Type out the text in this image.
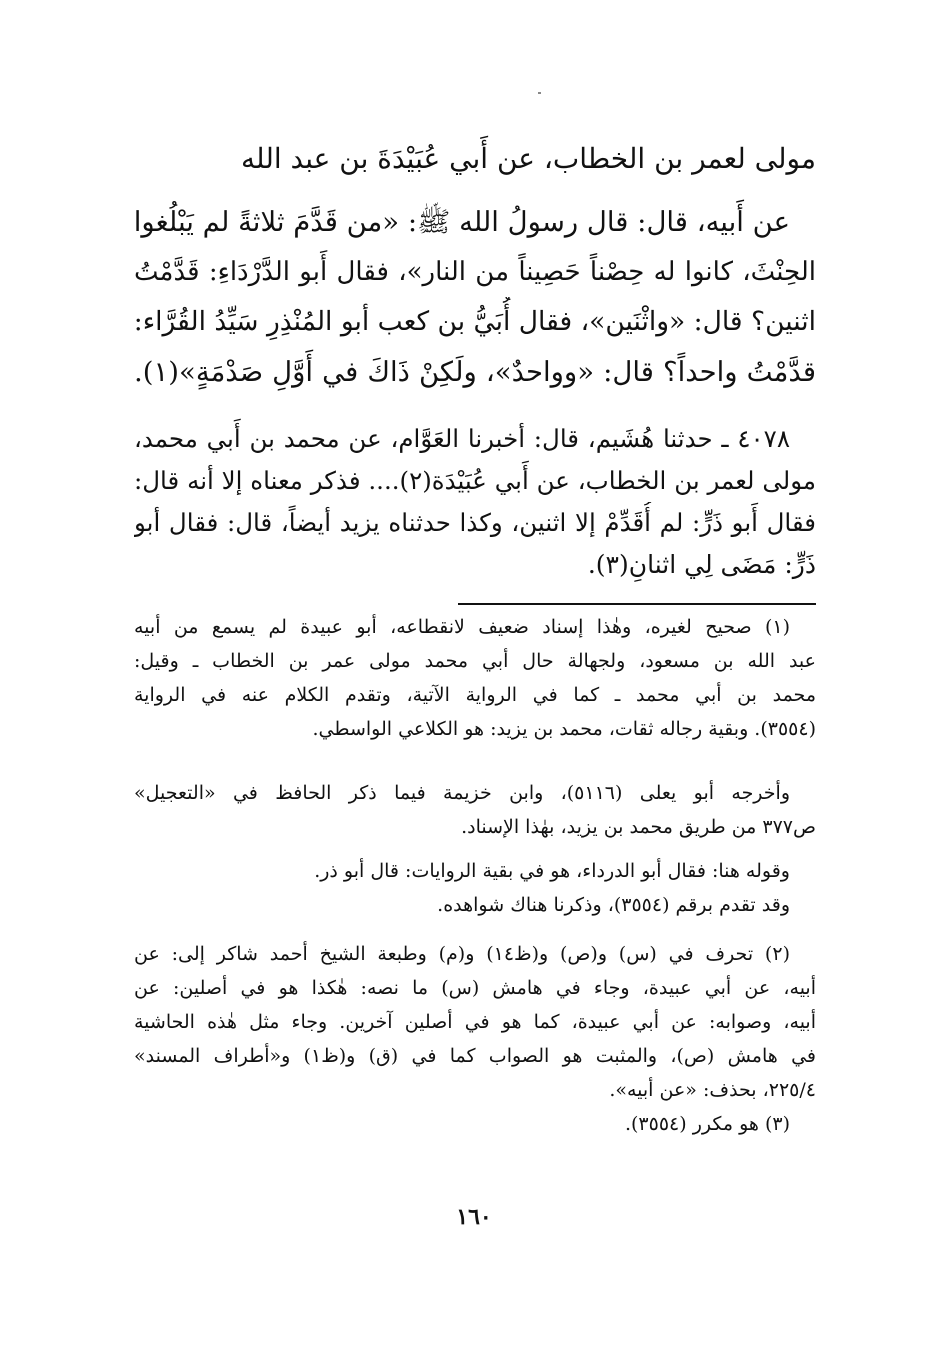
مولى لعمر بن الخطاب، عن أَبي عُبَيْدَةَ بن عبد الله
عن أَبيه، قال: قال رسولُ الله ﷺ: «من قَدَّمَ ثلاثةً لم يَبْلُغوا
الحِنْثَ، كانوا له حِصْناً حَصِيناً من النار»، فقال أَبو الدَّرْدَاءِ: قَدَّمْتُ
اثنين؟ قال: «واثْنَين»، فقال أُبَيُّ بن كعب أبو المُنْذِرِ سَيِّدُ القُرَّاء:
قدَّمْتُ واحداً؟ قال: «وواحدٌ»، ولَكِنْ ذَاكَ في أَوَّلِ صَدْمَةٍ»(١).
٤٠٧٨ ـ حدثنا هُشَيم، قال: أخبرنا العَوَّام، عن محمد بن أَبي محمد،
مولى لعمر بن الخطاب، عن أَبي عُبَيْدَة(٢).... فذكر معناه إلا أنه قال:
فقال أَبو ذَرٍّ: لم أُقَدِّمْ إلا اثنين، وكذا حدثناه يزيد أيضاً، قال: فقال أبو
ذَرٍّ: مَضَى لِي اثنانِ(٣).
(١) صحيح لغيره، وهٰذا إسناد ضعيف لانقطاعه، أبو عبيدة لم يسمع من أبيه
عبد الله بن مسعود، ولجهالة حال أبي محمد مولى عمر بن الخطاب ـ وقيل:
محمد بن أبي محمد ـ كما في الرواية الآتية، وتقدم الكلام عنه في الرواية
(٣٥٥٤). وبقية رجاله ثقات، محمد بن يزيد: هو الكلاعي الواسطي.
وأخرجه أبو يعلى (٥١١٦)، وابن خزيمة فيما ذكر الحافظ في «التعجيل»
ص٣٧٧ من طريق محمد بن يزيد، بهٰذا الإسناد.
وقوله هنا: فقال أبو الدرداء، هو في بقية الروايات: قال أبو ذر.
وقد تقدم برقم (٣٥٥٤)، وذكرنا هناك شواهده.
(٢) تحرف في (س) و(ص) و(ظ١٤) و(م) وطبعة الشيخ أحمد شاكر إلى: عن
أبيه، عن أبي عبيدة، وجاء في هامش (س) ما نصه: هٰكذا هو في أصلين: عن
أبيه، وصوابه: عن أبي عبيدة، كما هو في أصلين آخرين. وجاء مثل هٰذه الحاشية
في هامش (ص)، والمثبت هو الصواب كما في (ق) و(ظ١) و«أطراف المسند»
٢٢٥/٤، بحذف: «عن أبيه».
(٣) هو مكرر (٣٥٥٤).
١٦٠
